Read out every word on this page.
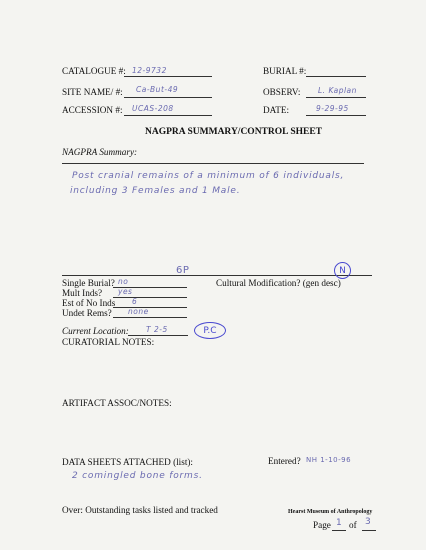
CATALOGUE #: 12-9732	BURIAL #:
SITE NAME/ #: Ca-But-49	OBSERV: L. Kaplan
ACCESSION #: UCAS-208	DATE:	9-29-95
NAGPRA SUMMARY/CONTROL SHEET
NAGPRA Summary:
Post cranial remains of a minimum of 6 individuals,
including 3 Females and 1 Male.
6P	N
Single Burial? no	Cultural Modification? (gen desc)
Mult Inds? yes
Est of No Inds 6
Undet Rems? none
Current Location: T 2-5	P.C
CURATORIAL NOTES:
ARTIFACT ASSOC/NOTES:
DATA SHEETS ATTACHED (list):
2 comingled bone forms.
Entered? NH 1-10-96
Over: Outstanding tasks listed and tracked	Hearst Museum of Anthropology
Page 1 of 3
